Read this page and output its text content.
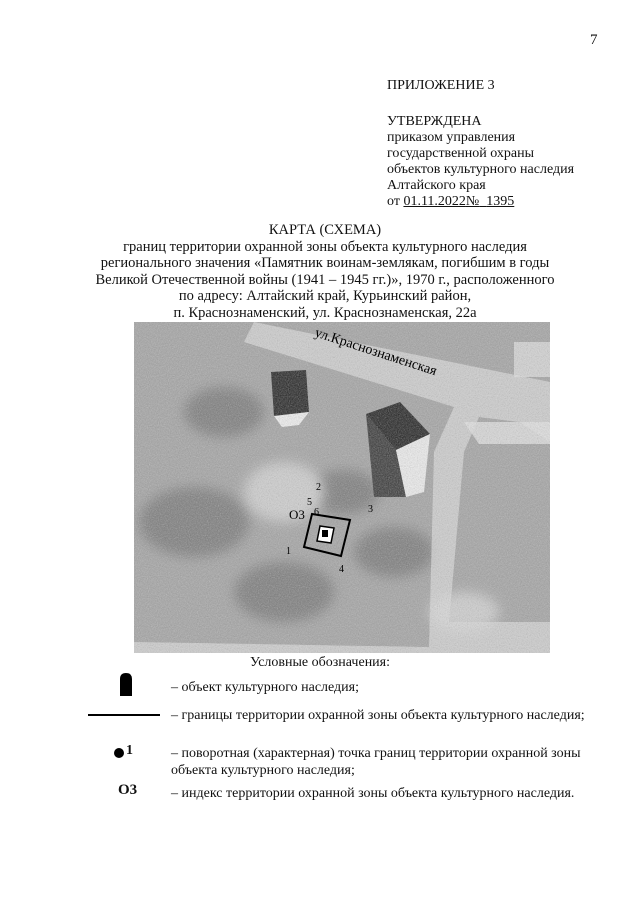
7
ПРИЛОЖЕНИЕ 3
УТВЕРЖДЕНА
приказом управления
государственной охраны
объектов культурного наследия
Алтайского края
от 01.11.2022№ 1395

КАРТА (СХЕМА)

границ территории охранной зоны объекта культурного наследия

регионального значения «Памятник воинам-землякам, погибшим в годы

Великой Отечественной войны (1941 – 1945 гг.)», 1970 г., расположенного

по адресу: Алтайский край, Курьинский район,

п. Краснознаменский, ул. Краснознаменская, 22а

О3
1
2
3
4
5
6
ул.Краснознаменская
Условные обозначения:
– объект культурного наследия;
– границы территории охранной зоны объекта культурного наследия;
1	– поворотная (характерная) точка границ территории охранной зоны объекта культурного наследия;
О3 – индекс территории охранной зоны объекта культурного наследия.
